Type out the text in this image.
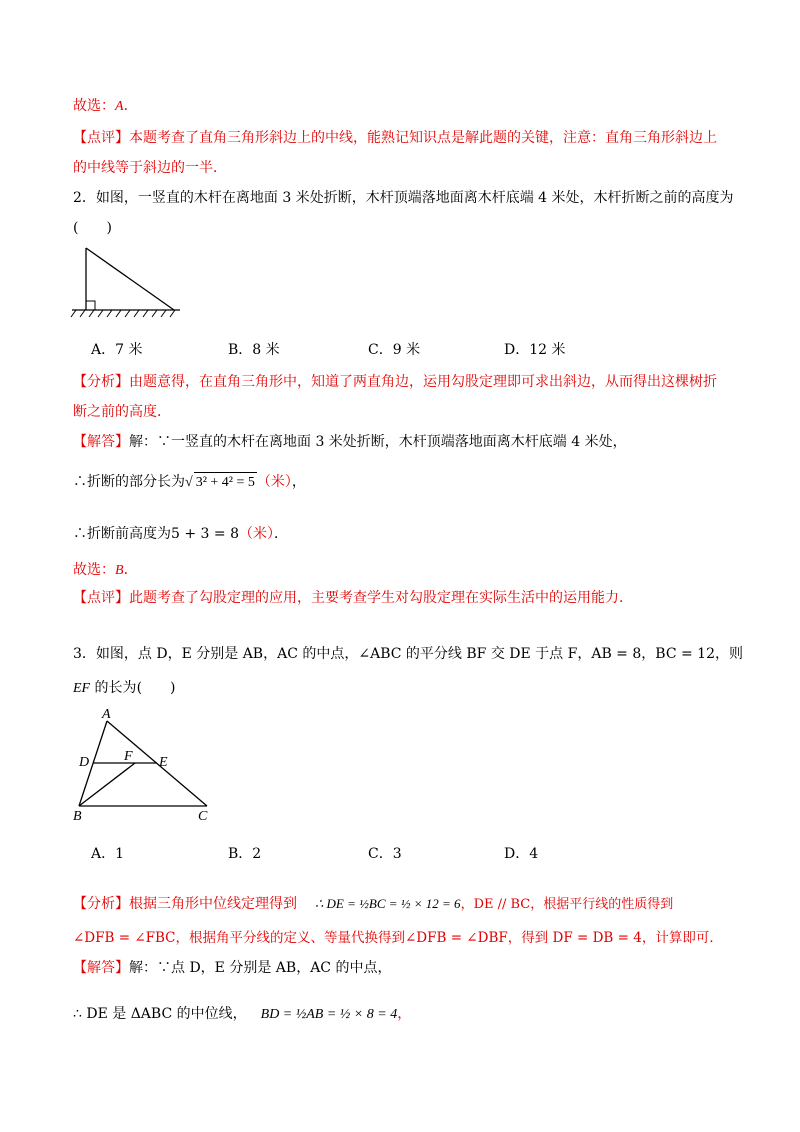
故选：A．
【点评】本题考查了直角三角形斜边上的中线，能熟记知识点是解此题的关键，注意：直角三角形斜边上
的中线等于斜边的一半．
2．如图，一竖直的木杆在离地面 3 米处折断，木杆顶端落地面离木杆底端 4 米处，木杆折断之前的高度为
(　　)
A．7 米	B．8 米	C．9 米	D．12 米
【分析】由题意得，在直角三角形中，知道了两直角边，运用勾股定理即可求出斜边，从而得出这棵树折
断之前的高度．
【解答】解：∵一竖直的木杆在离地面 3 米处折断，木杆顶端落地面离木杆底端 4 米处，
∴折断的部分长为√ 3² + 4² = 5 （米），
∴折断前高度为5 + 3 = 8（米）．
故选：B．
【点评】此题考查了勾股定理的应用，主要考查学生对勾股定理在实际生活中的运用能力．
3．如图，点 D，E 分别是 AB，AC 的中点，∠ABC 的平分线 BF 交 DE 于点 F，AB = 8，BC = 12，则
EF 的长为(　　)
A
D F E
B	C
A．1	B．2	C．3	D．4
【分析】根据三角形中位线定理得到 ∴ DE = ½BC = ½ × 12 = 6，DE // BC，根据平行线的性质得到
∠DFB = ∠FBC，根据角平分线的定义、等量代换得到∠DFB = ∠DBF，得到 DF = DB = 4，计算即可．
【解答】解：∵点 D，E 分别是 AB，AC 的中点，
∴ DE 是 ΔABC 的中位线， BD = ½AB = ½ × 8 = 4，
